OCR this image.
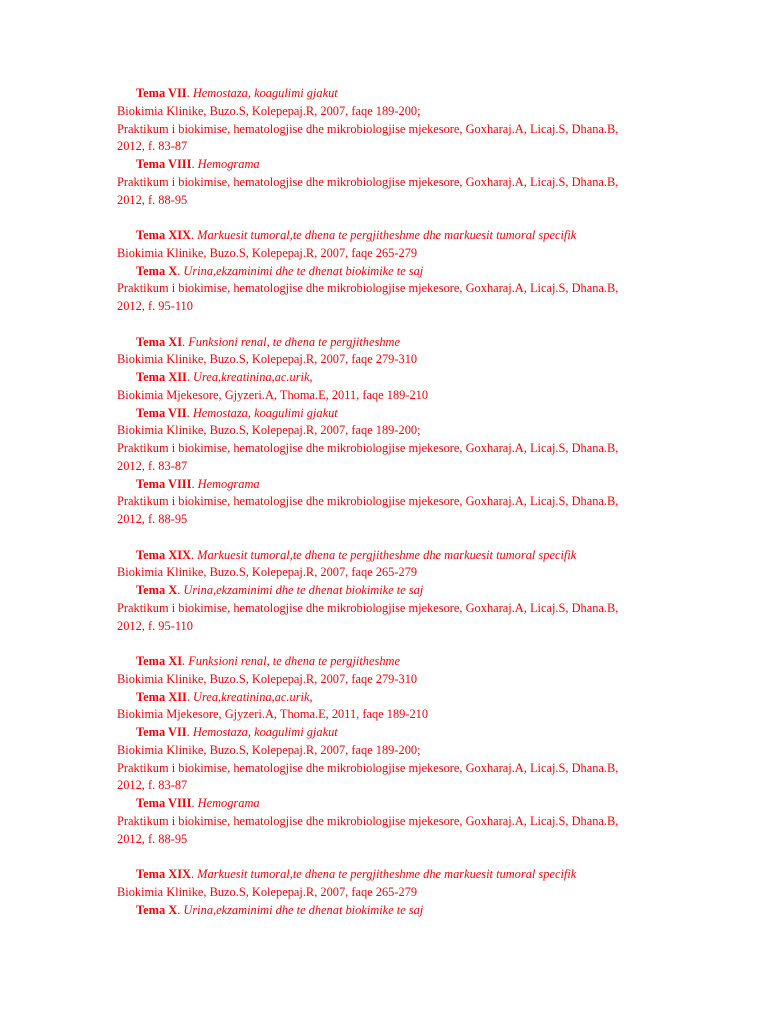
Tema VII. Hemostaza, koagulimi gjakut
Biokimia Klinike, Buzo.S, Kolepepaj.R, 2007, faqe 189-200;
Praktikum i biokimise, hematologjise dhe mikrobiologjise mjekesore, Goxharaj.A, Licaj.S, Dhana.B,
2012, f. 83-87
Tema VIII. Hemograma
Praktikum i biokimise, hematologjise dhe mikrobiologjise mjekesore, Goxharaj.A, Licaj.S, Dhana.B,
2012, f. 88-95
Tema XIX. Markuesit tumoral,te dhena te pergjitheshme dhe markuesit tumoral specifik
Biokimia Klinike, Buzo.S, Kolepepaj.R, 2007, faqe 265-279
Tema X. Urina,ekzaminimi dhe te dhenat biokimike te saj
Praktikum i biokimise, hematologjise dhe mikrobiologjise mjekesore, Goxharaj.A, Licaj.S, Dhana.B,
2012, f. 95-110
Tema XI. Funksioni renal, te dhena te pergjitheshme
Biokimia Klinike, Buzo.S, Kolepepaj.R, 2007, faqe 279-310
Tema XII. Urea,kreatinina,ac.urik,
Biokimia Mjekesore, Gjyzeri.A, Thoma.E, 2011, faqe 189-210
Tema VII. Hemostaza, koagulimi gjakut
Biokimia Klinike, Buzo.S, Kolepepaj.R, 2007, faqe 189-200;
Praktikum i biokimise, hematologjise dhe mikrobiologjise mjekesore, Goxharaj.A, Licaj.S, Dhana.B,
2012, f. 83-87
Tema VIII. Hemograma
Praktikum i biokimise, hematologjise dhe mikrobiologjise mjekesore, Goxharaj.A, Licaj.S, Dhana.B,
2012, f. 88-95
Tema XIX. Markuesit tumoral,te dhena te pergjitheshme dhe markuesit tumoral specifik
Biokimia Klinike, Buzo.S, Kolepepaj.R, 2007, faqe 265-279
Tema X. Urina,ekzaminimi dhe te dhenat biokimike te saj
Praktikum i biokimise, hematologjise dhe mikrobiologjise mjekesore, Goxharaj.A, Licaj.S, Dhana.B,
2012, f. 95-110
Tema XI. Funksioni renal, te dhena te pergjitheshme
Biokimia Klinike, Buzo.S, Kolepepaj.R, 2007, faqe 279-310
Tema XII. Urea,kreatinina,ac.urik,
Biokimia Mjekesore, Gjyzeri.A, Thoma.E, 2011, faqe 189-210
Tema VII. Hemostaza, koagulimi gjakut
Biokimia Klinike, Buzo.S, Kolepepaj.R, 2007, faqe 189-200;
Praktikum i biokimise, hematologjise dhe mikrobiologjise mjekesore, Goxharaj.A, Licaj.S, Dhana.B,
2012, f. 83-87
Tema VIII. Hemograma
Praktikum i biokimise, hematologjise dhe mikrobiologjise mjekesore, Goxharaj.A, Licaj.S, Dhana.B,
2012, f. 88-95
Tema XIX. Markuesit tumoral,te dhena te pergjitheshme dhe markuesit tumoral specifik
Biokimia Klinike, Buzo.S, Kolepepaj.R, 2007, faqe 265-279
Tema X. Urina,ekzaminimi dhe te dhenat biokimike te saj
